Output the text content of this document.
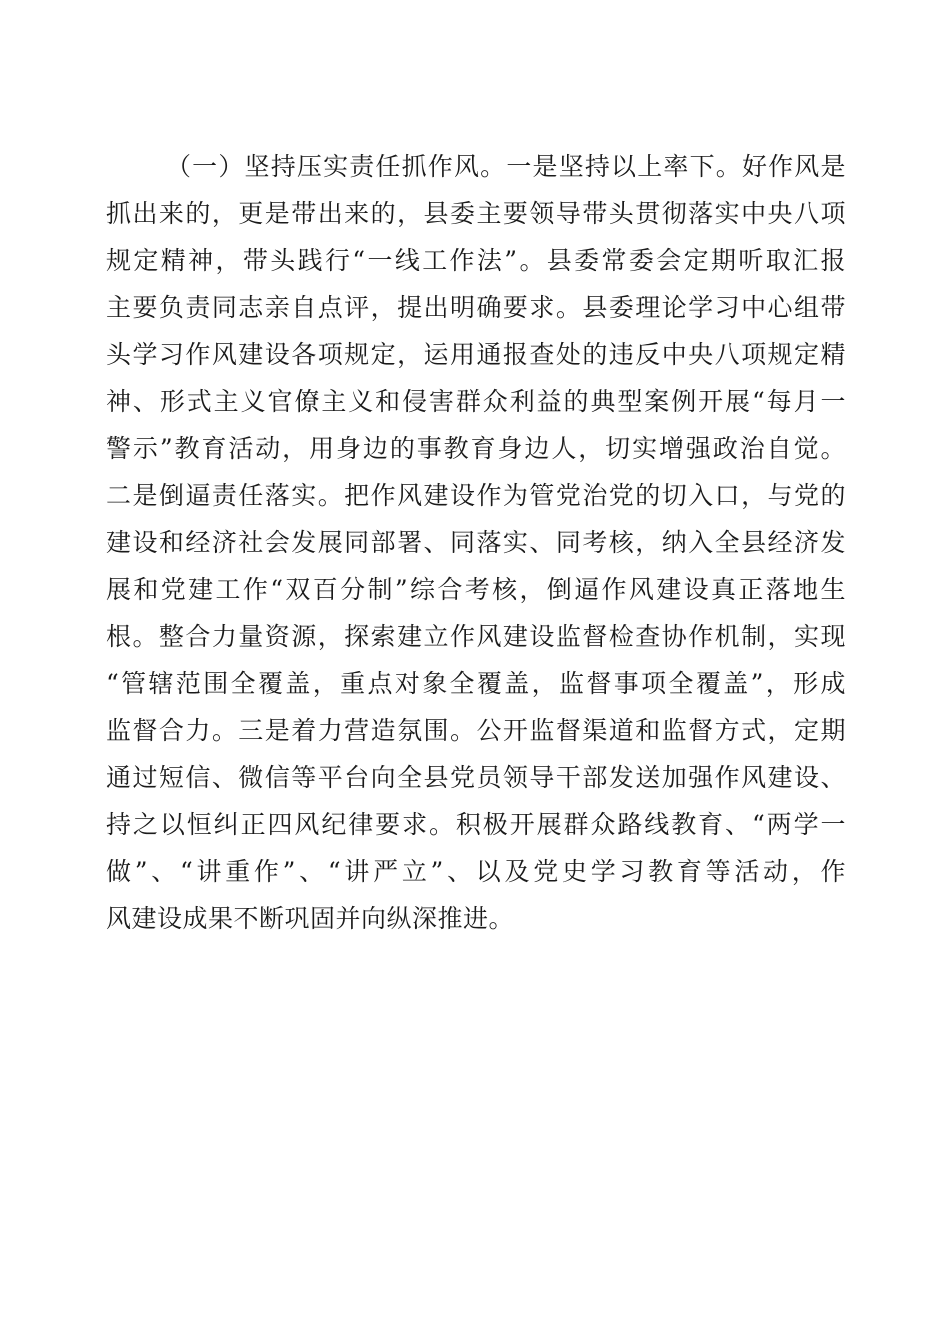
（一）坚持压实责任抓作风。一是坚持以上率下。好作风是
抓出来的，更是带出来的，县委主要领导带头贯彻落实中央八项
规定精神，带头践行“一线工作法”。县委常委会定期听取汇报
主要负责同志亲自点评，提出明确要求。县委理论学习中心组带
头学习作风建设各项规定，运用通报查处的违反中央八项规定精
神、形式主义官僚主义和侵害群众利益的典型案例开展“每月一
警示”教育活动，用身边的事教育身边人，切实增强政治自觉。
二是倒逼责任落实。把作风建设作为管党治党的切入口，与党的
建设和经济社会发展同部署、同落实、同考核，纳入全县经济发
展和党建工作“双百分制”综合考核，倒逼作风建设真正落地生
根。整合力量资源，探索建立作风建设监督检查协作机制，实现
“管辖范围全覆盖，重点对象全覆盖，监督事项全覆盖”，形成
监督合力。三是着力营造氛围。公开监督渠道和监督方式，定期
通过短信、微信等平台向全县党员领导干部发送加强作风建设、
持之以恒纠正四风纪律要求。积极开展群众路线教育、“两学一
做”、“讲重作”、“讲严立”、以及党史学习教育等活动，作
风建设成果不断巩固并向纵深推进。
